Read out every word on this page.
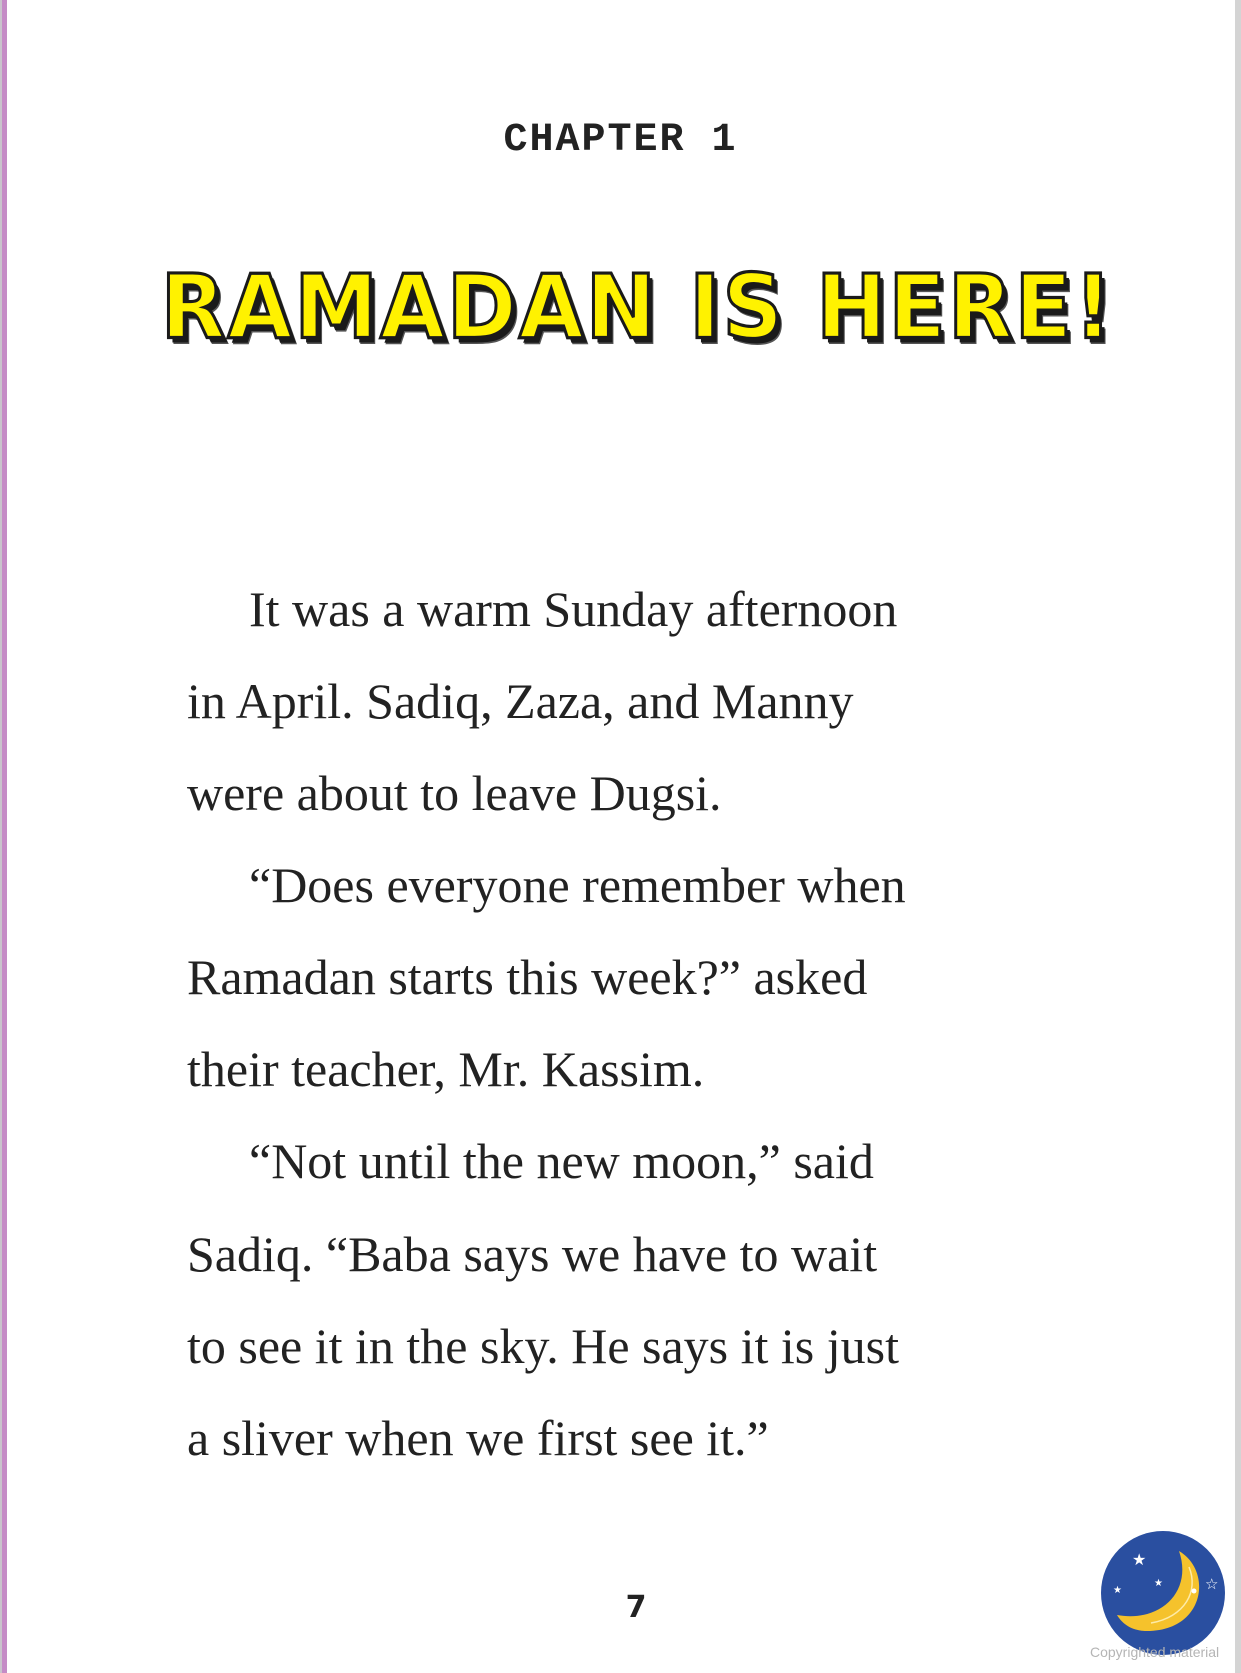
CHAPTER 1
RAMADAN IS HERE!
It was a warm Sunday afternoon
in April. Sadiq, Zaza, and Manny
were about to leave Dugsi.
“Does everyone remember when
Ramadan starts this week?” asked
their teacher, Mr. Kassim.
“Not until the new moon,” said
Sadiq. “Baba says we have to wait
to see it in the sky. He says it is just
a sliver when we first see it.”
7
★
★
★	☆
Copyrighted material
